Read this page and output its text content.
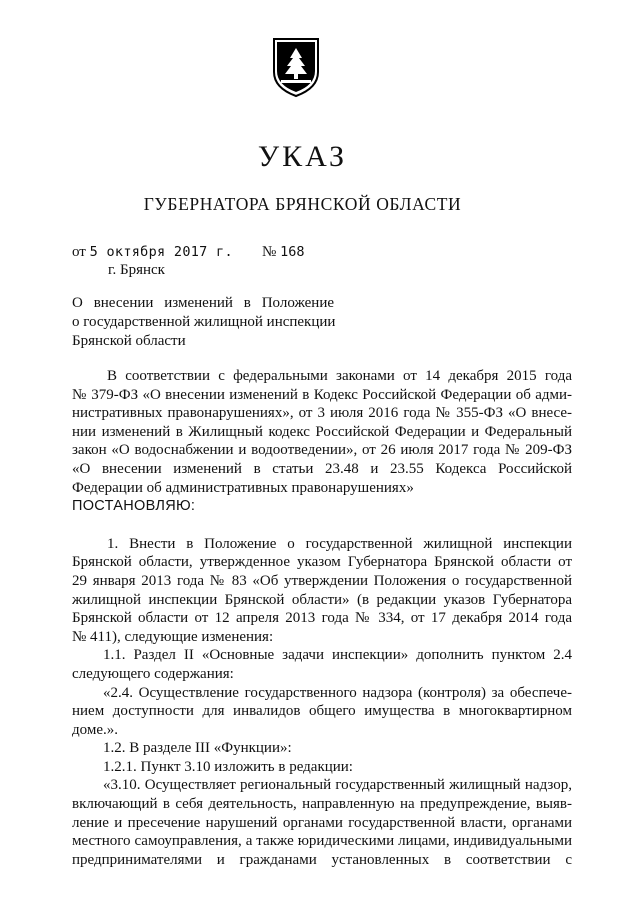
УКАЗ
ГУБЕРНАТОРА БРЯНСКОЙ ОБЛАСТИ
от 5 октября 2017 г. № 168
г. Брянск
О внесении изменений в Положение
о государственной жилищной инспекции
Брянской области
В соответствии с федеральными законами от 14 декабря 2015 года
№ 379-ФЗ «О внесении изменений в Кодекс Российской Федерации об адми-
нистративных правонарушениях», от 3 июля 2016 года № 355-ФЗ «О внесе-
нии изменений в Жилищный кодекс Российской Федерации и Федеральный
закон «О водоснабжении и водоотведении», от 26 июля 2017 года № 209-ФЗ
«О внесении изменений в статьи 23.48 и 23.55 Кодекса Российской
Федерации об административных правонарушениях»
ПОСТАНОВЛЯЮ:
1. Внести в Положение о государственной жилищной инспекции
Брянской области, утвержденное указом Губернатора Брянской области от
29 января 2013 года № 83 «Об утверждении Положения о государственной
жилищной инспекции Брянской области» (в редакции указов Губернатора
Брянской области от 12 апреля 2013 года № 334, от 17 декабря 2014 года
№ 411), следующие изменения:
1.1. Раздел II «Основные задачи инспекции» дополнить пунктом 2.4
следующего содержания:
«2.4. Осуществление государственного надзора (контроля) за обеспече-
нием доступности для инвалидов общего имущества в многоквартирном
доме.».
1.2. В разделе III «Функции»:
1.2.1. Пункт 3.10 изложить в редакции:
«3.10. Осуществляет региональный государственный жилищный надзор,
включающий в себя деятельность, направленную на предупреждение, выяв-
ление и пресечение нарушений органами государственной власти, органами
местного самоуправления, а также юридическими лицами, индивидуальными
предпринимателями и гражданами установленных в соответствии с
